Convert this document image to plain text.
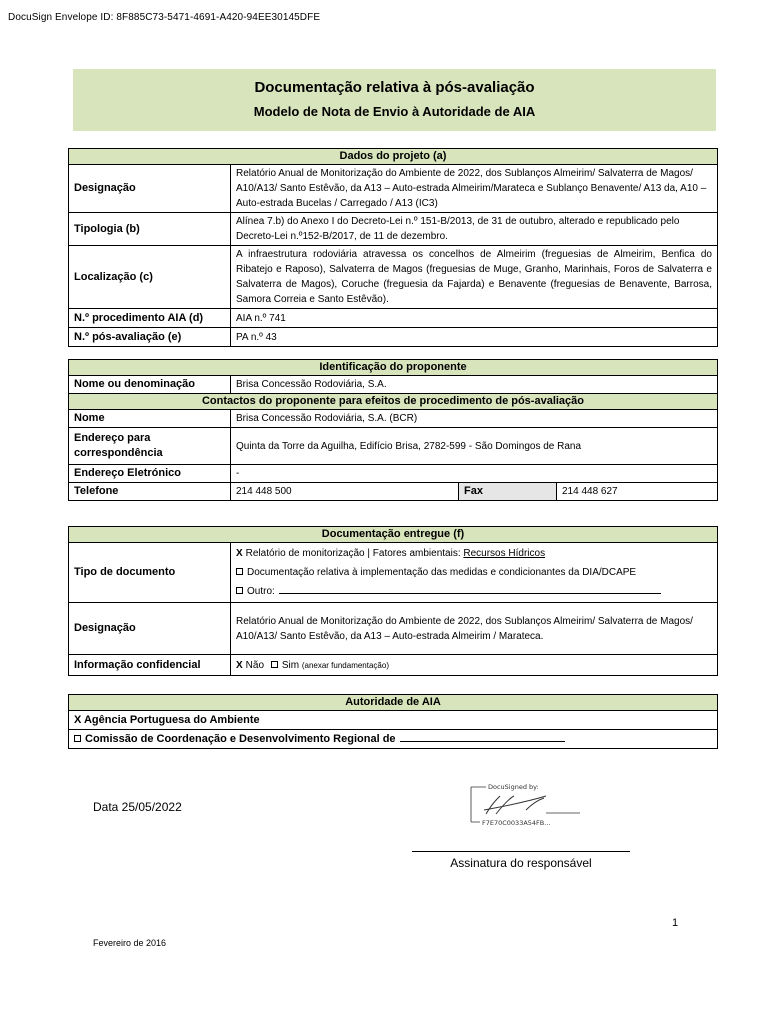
DocuSign Envelope ID: 8F885C73-5471-4691-A420-94EE30145DFE
Documentação relativa à pós-avaliação
Modelo de Nota de Envio à Autoridade de AIA
Dados do projeto (a)	
Designação	Relatório Anual de Monitorização do Ambiente de 2022, dos Sublanços Almeirim/ Salvaterra de Magos/ A10/A13/ Santo Estêvão, da A13 – Auto-estrada Almeirim/Marateca e Sublanço Benavente/ A13 da, A10 – Auto-estrada Bucelas / Carregado / A13 (IC3)
Tipologia (b)	Alínea 7.b) do Anexo I do Decreto-Lei n.º 151-B/2013, de 31 de outubro, alterado e republicado pelo Decreto-Lei n.º152-B/2017, de 11 de dezembro.
Localização (c)	A infraestrutura rodoviária atravessa os concelhos de Almeirim (freguesias de Almeirim, Benfica do Ribatejo e Raposo), Salvaterra de Magos (freguesias de Muge, Granho, Marinhais, Foros de Salvaterra e Salvaterra de Magos), Coruche (freguesia da Fajarda) e Benavente (freguesias de Benavente, Barrosa, Samora Correia e Santo Estêvão).
N.º procedimento AIA (d)	AIA n.º 741
N.º pós-avaliação (e)	PA n.º 43
Identificação do proponente			
Nome ou denominação	Brisa Concessão Rodoviária, S.A.		
Contactos do proponente para efeitos de procedimento de pós-avaliação			
Nome	Brisa Concessão Rodoviária, S.A. (BCR)		
Endereço para correspondência	Quinta da Torre da Aguilha, Edifício Brisa, 2782-599 - São Domingos de Rana		
Endereço Eletrónico	-		
Telefone	214 448 500	Fax	214 448 627
Documentação entregue (f)	
Tipo de documento	X Relatório de monitorização | Fatores ambientais: Recursos Hídricos
Documentação relativa à implementação das medidas e condicionantes da DIA/DCAPE
Outro:

Designação	Relatório Anual de Monitorização do Ambiente de 2022, dos Sublanços Almeirim/ Salvaterra de Magos/ A10/A13/ Santo Estêvão, da A13 – Auto-estrada Almeirim / Marateca.
Informação confidencial	X Não Sim (anexar fundamentação)
Autoridade de AIA
X Agência Portuguesa do Ambiente
Comissão de Coordenação e Desenvolvimento Regional de
Data 25/05/2022
DocuSigned by:
F7E70C0033A54FB...
Assinatura do responsável
1
Fevereiro de 2016
